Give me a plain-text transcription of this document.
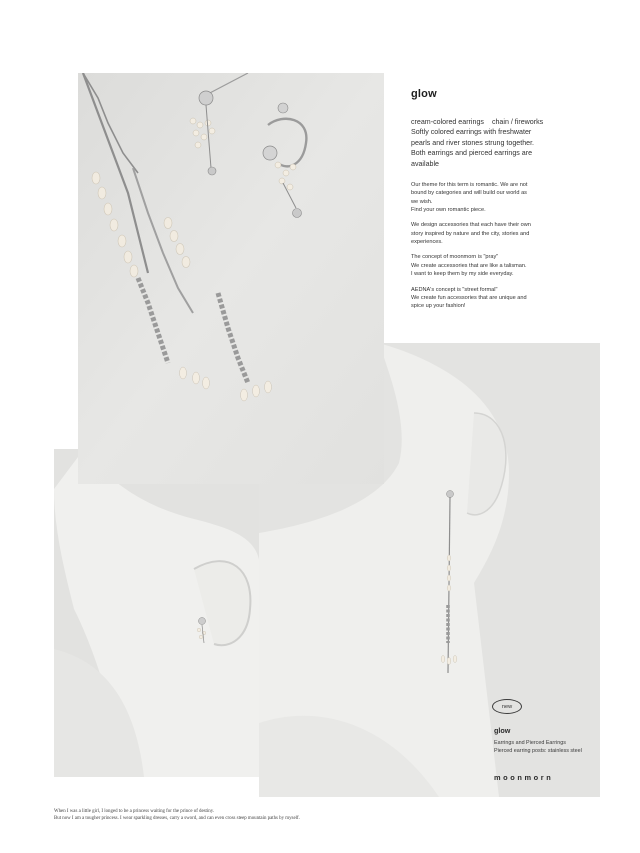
glow
cream-colored earrings chain / fireworks
Softly colored earrings with freshwater
pearls and river stones strung together.
Both earrings and pierced earrings are
available
Our theme for this term is romantic. We are not
bound by categories and will build our world as
we wish.
Find your own romantic piece.
We design accessories that each have their own
story inspired by nature and the city, stories and
experiences.
The concept of moonmorn is "pray"
We create accessories that are like a talisman.
I want to keep them by my side everyday.
AEDNA's concept is "street formal"
We create fun accessories that are unique and
spice up your fashion!
new
glow
Earrings and Pierced Earrings
Pierced earring posts: stainless steel
moonmorn
When I was a little girl, I longed to be a princess waiting for the prince of destiny.
But now I am a tougher princess. I wear sparkling dresses, carry a sword, and can even cross steep mountain paths by myself.
